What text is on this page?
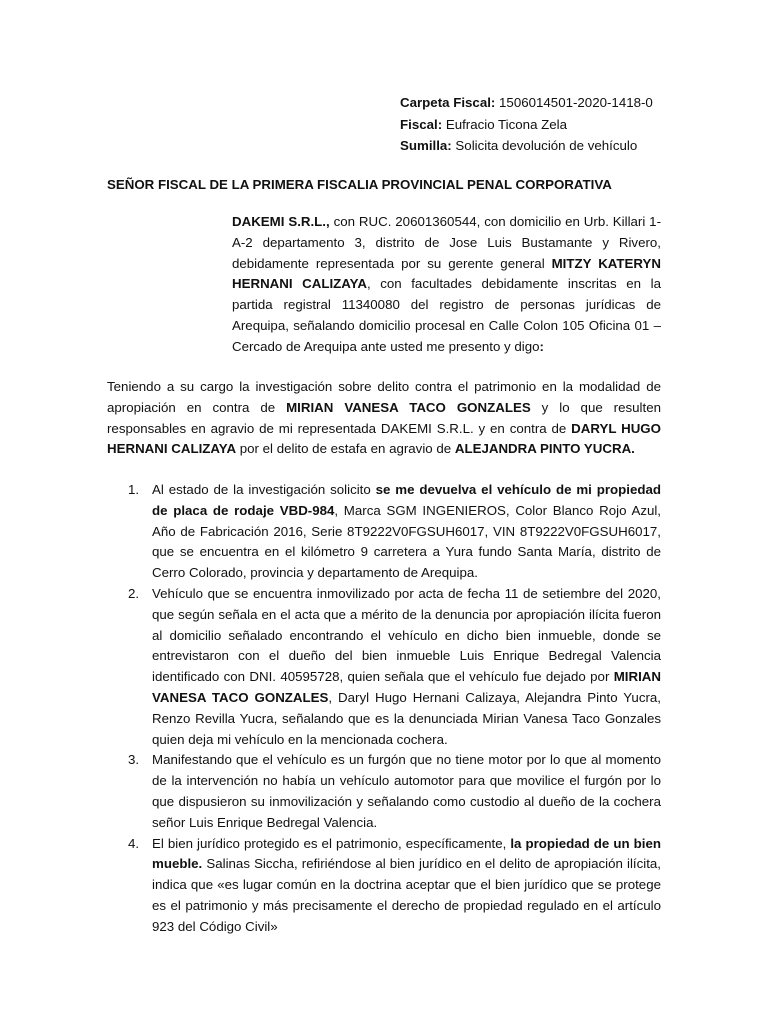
Carpeta Fiscal: 1506014501-2020-1418-0
Fiscal: Eufracio Ticona Zela
Sumilla: Solicita devolución de vehículo
SEÑOR FISCAL DE LA PRIMERA FISCALIA PROVINCIAL PENAL CORPORATIVA
DAKEMI S.R.L., con RUC. 20601360544, con domicilio en Urb. Killari 1-A-2 departamento 3, distrito de Jose Luis Bustamante y Rivero, debidamente representada por su gerente general MITZY KATERYN HERNANI CALIZAYA, con facultades debidamente inscritas en la partida registral 11340080 del registro de personas jurídicas de Arequipa, señalando domicilio procesal en Calle Colon 105 Oficina 01 – Cercado de Arequipa ante usted me presento y digo:
Teniendo a su cargo la investigación sobre delito contra el patrimonio en la modalidad de apropiación en contra de MIRIAN VANESA TACO GONZALES y lo que resulten responsables en agravio de mi representada DAKEMI S.R.L. y en contra de DARYL HUGO HERNANI CALIZAYA por el delito de estafa en agravio de ALEJANDRA PINTO YUCRA.
1. Al estado de la investigación solicito se me devuelva el vehículo de mi propiedad de placa de rodaje VBD-984, Marca SGM INGENIEROS, Color Blanco Rojo Azul, Año de Fabricación 2016, Serie 8T9222V0FGSUH6017, VIN 8T9222V0FGSUH6017, que se encuentra en el kilómetro 9 carretera a Yura fundo Santa María, distrito de Cerro Colorado, provincia y departamento de Arequipa.
2. Vehículo que se encuentra inmovilizado por acta de fecha 11 de setiembre del 2020, que según señala en el acta que a mérito de la denuncia por apropiación ilícita fueron al domicilio señalado encontrando el vehículo en dicho bien inmueble, donde se entrevistaron con el dueño del bien inmueble Luis Enrique Bedregal Valencia identificado con DNI. 40595728, quien señala que el vehículo fue dejado por MIRIAN VANESA TACO GONZALES, Daryl Hugo Hernani Calizaya, Alejandra Pinto Yucra, Renzo Revilla Yucra, señalando que es la denunciada Mirian Vanesa Taco Gonzales quien deja mi vehículo en la mencionada cochera.
3. Manifestando que el vehículo es un furgón que no tiene motor por lo que al momento de la intervención no había un vehículo automotor para que movilice el furgón por lo que dispusieron su inmovilización y señalando como custodio al dueño de la cochera señor Luis Enrique Bedregal Valencia.
4. El bien jurídico protegido es el patrimonio, específicamente, la propiedad de un bien mueble. Salinas Siccha, refiriéndose al bien jurídico en el delito de apropiación ilícita, indica que «es lugar común en la doctrina aceptar que el bien jurídico que se protege es el patrimonio y más precisamente el derecho de propiedad regulado en el artículo 923 del Código Civil»
